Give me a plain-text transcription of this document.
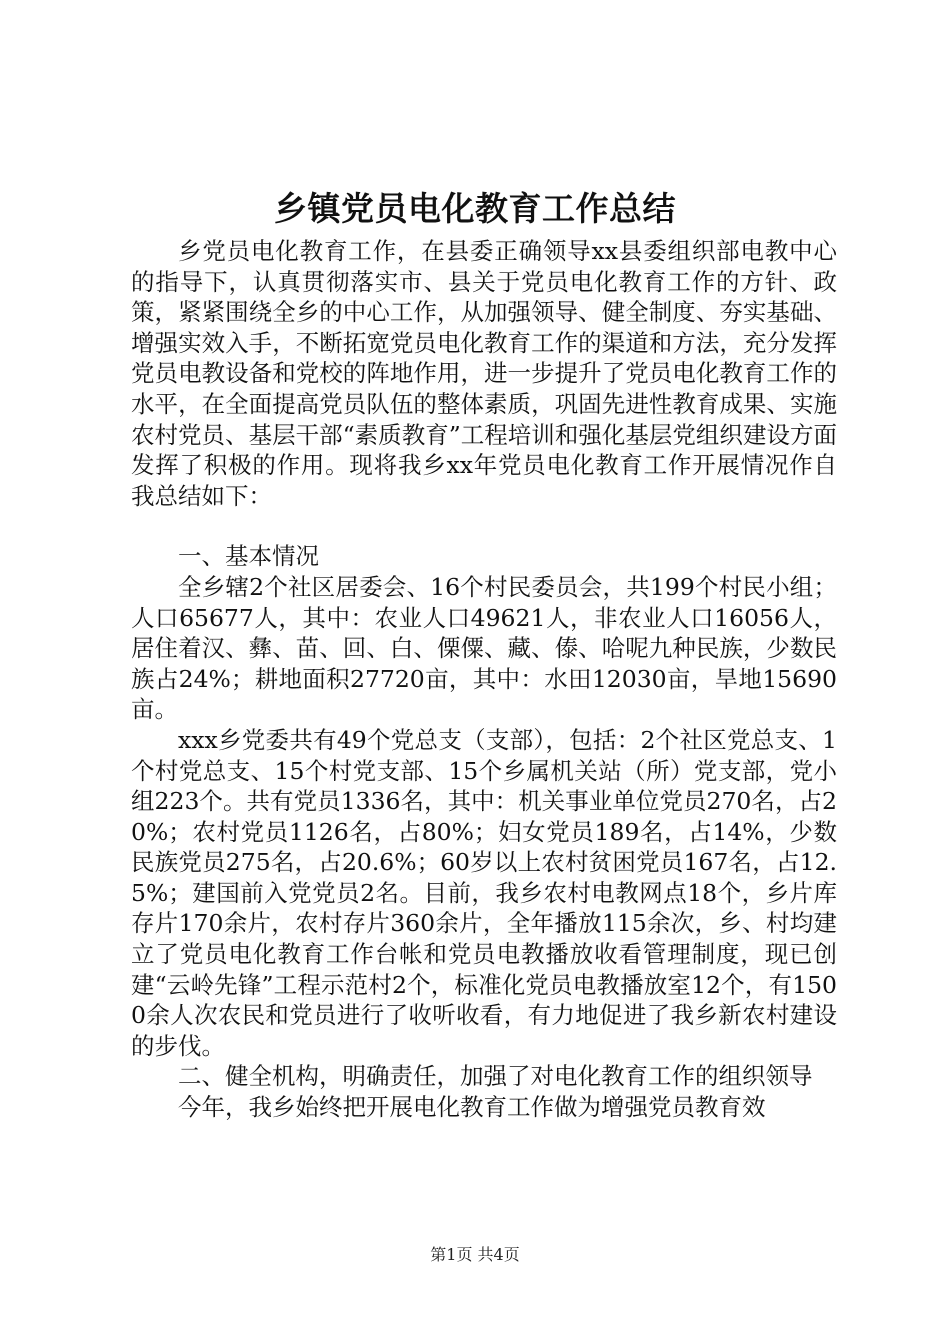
乡镇党员电化教育工作总结

乡党员电化教育工作，在县委正确领导xx县委组织部电教中心的指导下，认真贯彻落实市、县关于党员电化教育工作的方针、政策，紧紧围绕全乡的中心工作，从加强领导、健全制度、夯实基础、增强实效入手，不断拓宽党员电化教育工作的渠道和方法，充分发挥党员电教设备和党校的阵地作用，进一步提升了党员电化教育工作的水平，在全面提高党员队伍的整体素质，巩固先进性教育成果、实施农村党员、基层干部“素质教育”工程培训和强化基层党组织建设方面发挥了积极的作用。现将我乡xx年党员电化教育工作开展情况作自我总结如下：

一、基本情况

全乡辖2个社区居委会、16个村民委员会，共199个村民小组；人口65677人，其中：农业人口49621人，非农业人口16056人，居住着汉、彝、苗、回、白、傈僳、藏、傣、哈呢九种民族，少数民族占24%；耕地面积27720亩，其中：水田12030亩，旱地15690亩。

xxx乡党委共有49个党总支（支部），包括：2个社区党总支、1个村党总支、15个村党支部、15个乡属机关站（所）党支部，党小组223个。共有党员1336名，其中：机关事业单位党员270名，占20%；农村党员1126名，占80%；妇女党员189名，占14%，少数民族党员275名，占20.6%；60岁以上农村贫困党员167名，占12.5%；建国前入党党员2名。目前，我乡农村电教网点18个，乡片库存片170余片，农村存片360余片，全年播放115余次，乡、村均建立了党员电化教育工作台帐和党员电教播放收看管理制度，现已创建“云岭先锋”工程示范村2个，标准化党员电教播放室12个，有1500余人次农民和党员进行了收听收看，有力地促进了我乡新农村建设的步伐。

二、健全机构，明确责任，加强了对电化教育工作的组织领导

今年，我乡始终把开展电化教育工作做为增强党员教育效

第1页 共4页
